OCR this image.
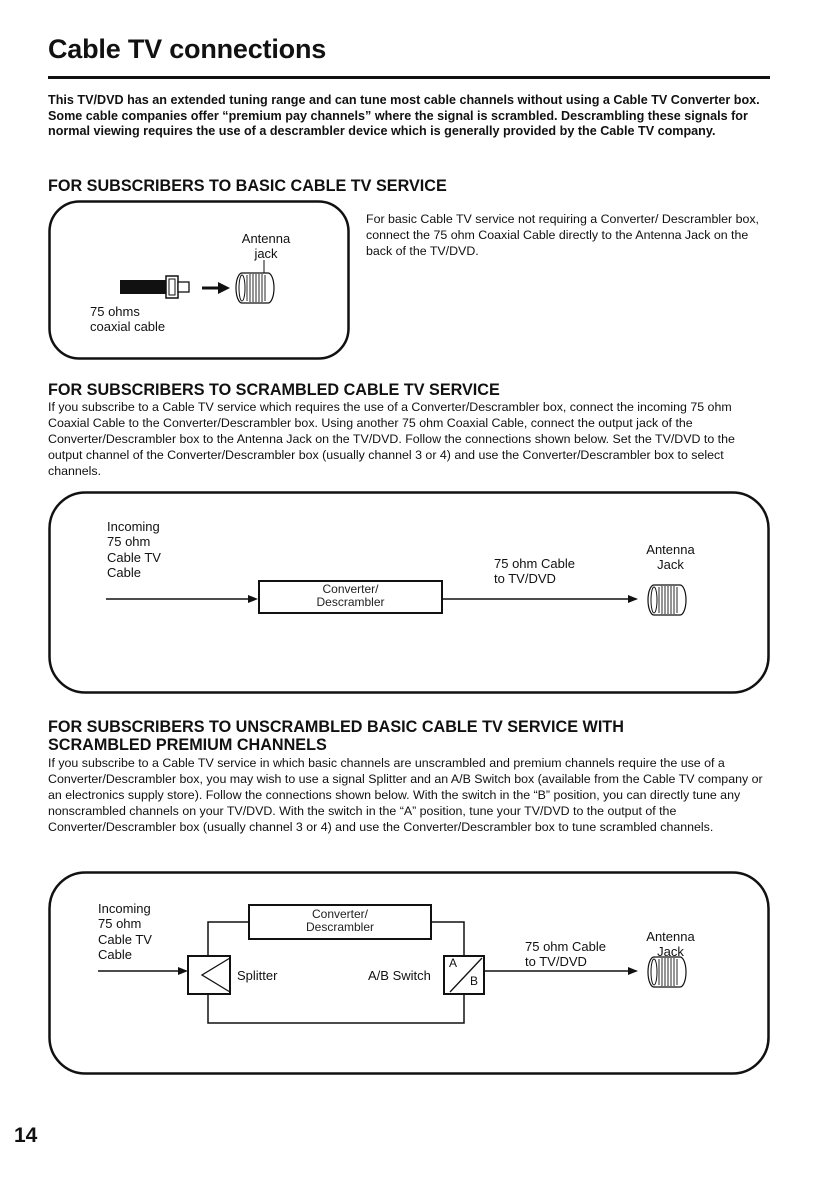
Cable TV connections
This TV/DVD has an extended tuning range and can tune most cable channels without using a Cable TV Converter box. Some cable companies offer “premium pay channels” where the signal is scrambled. Descrambling these signals for normal viewing requires the use of a descrambler device which is generally provided by the Cable TV company.
FOR SUBSCRIBERS TO BASIC CABLE TV SERVICE
Antenna
jack
75 ohms
coaxial cable
For basic Cable TV service not requiring a Converter/ Descrambler box, connect the 75 ohm Coaxial Cable directly to the Antenna Jack on the back of the TV/DVD.
FOR SUBSCRIBERS TO SCRAMBLED CABLE TV SERVICE
If you subscribe to a Cable TV service which requires the use of a Converter/Descrambler box, connect the incoming 75 ohm Coaxial Cable to the Converter/Descrambler box. Using another 75 ohm Coaxial Cable, connect the output jack of the Converter/Descrambler box to the Antenna Jack on the TV/DVD. Follow the connections shown below. Set the TV/DVD to the output channel of the Converter/Descrambler box (usually channel 3 or 4) and use the Converter/Descrambler box to select channels.
Incoming
75 ohm
Cable TV
Cable
Converter/
Descrambler
75 ohm Cable
to TV/DVD
Antenna
Jack
FOR SUBSCRIBERS TO UNSCRAMBLED BASIC CABLE TV SERVICE WITH
SCRAMBLED PREMIUM CHANNELS
If you subscribe to a Cable TV service in which basic channels are unscrambled and premium channels require the use of a Converter/Descrambler box, you may wish to use a signal Splitter and an A/B Switch box (available from the Cable TV company or an electronics supply store). Follow the connections shown below. With the switch in the “B” position, you can directly tune any nonscrambled channels on your TV/DVD. With the switch in the “A” position, tune your TV/DVD to the output of the Converter/Descrambler box (usually channel 3 or 4) and use the Converter/Descrambler box to tune scrambled channels.
Incoming
75 ohm
Cable TV
Cable
Converter/
Descrambler
Splitter	A/B Switch
A
B
75 ohm Cable
to TV/DVD
Antenna
Jack
14
